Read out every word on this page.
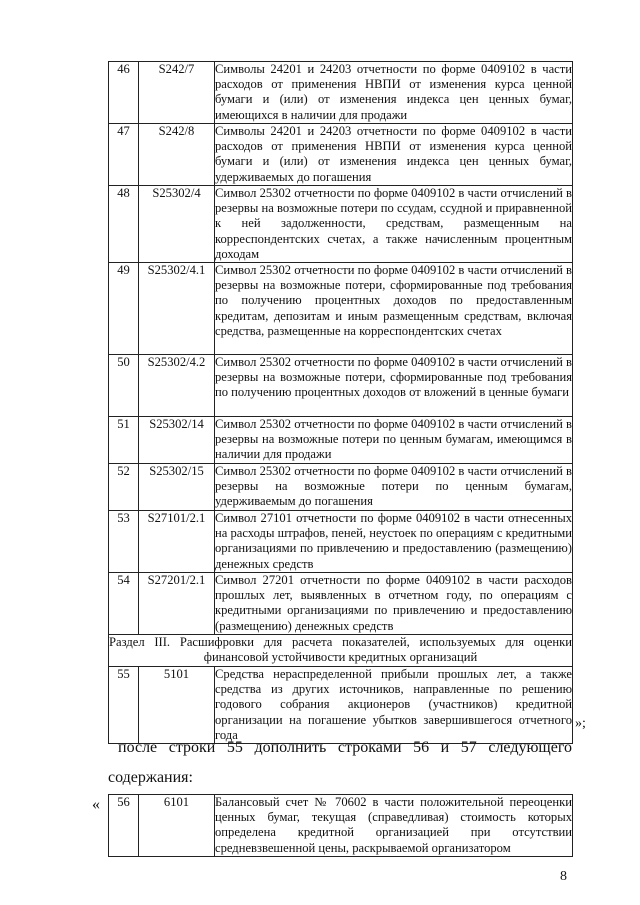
46	S242/7	Символы 24201 и 24203 отчетности по форме 0409102 в части расходов от применения НВПИ от изменения курса ценной бумаги и (или) от изменения индекса цен ценных бумаг, имеющихся в наличии для продажи
47	S242/8	Символы 24201 и 24203 отчетности по форме 0409102 в части расходов от применения НВПИ от изменения курса ценной бумаги и (или) от изменения индекса цен ценных бумаг, удерживаемых до погашения
48	S25302/4	Символ 25302 отчетности по форме 0409102 в части отчислений в резервы на возможные потери по ссудам, ссудной и приравненной к ней задолженности, средствам, размещенным на корреспондентских счетах, а также начисленным процентным доходам
49	S25302/4.1	Символ 25302 отчетности по форме 0409102 в части отчислений в резервы на возможные потери, сформированные под требования по получению процентных доходов по предоставленным кредитам, депозитам и иным размещенным средствам, включая средства, размещенные на корреспондентских счетах
50	S25302/4.2	Символ 25302 отчетности по форме 0409102 в части отчислений в резервы на возможные потери, сформированные под требования по получению процентных доходов от вложений в ценные бумаги
51	S25302/14	Символ 25302 отчетности по форме 0409102 в части отчислений в резервы на возможные потери по ценным бумагам, имеющимся в наличии для продажи
52	S25302/15	Символ 25302 отчетности по форме 0409102 в части отчислений в резервы на возможные потери по ценным бумагам, удерживаемым до погашения
53	S27101/2.1	Символ 27101 отчетности по форме 0409102 в части отнесенных на расходы штрафов, пеней, неустоек по операциям с кредитными организациями по привлечению и предоставлению (размещению) денежных средств
54	S27201/2.1	Символ 27201 отчетности по форме 0409102 в части расходов прошлых лет, выявленных в отчетном году, по операциям с кредитными организациями по привлечению и предоставлению (размещению) денежных средств
Раздел III. Расшифровки для расчета показателей, используемых для оценки финансовой устойчивости кредитных организаций		
55	5101	Средства нераспределенной прибыли прошлых лет, а также средства из других источников, направленные по решению годового собрания акционеров (участников) кредитной организации на погашение убытков завершившегося отчетного года
»;
после строки 55 дополнить строками 56 и 57 следующего
содержания:
« 56	6101	Балансовый счет № 70602 в части положительной переоценки ценных бумаг, текущая (справедливая) стоимость которых определена кредитной организацией при отсутствии средневзвешенной цены, раскрываемой организатором
8
